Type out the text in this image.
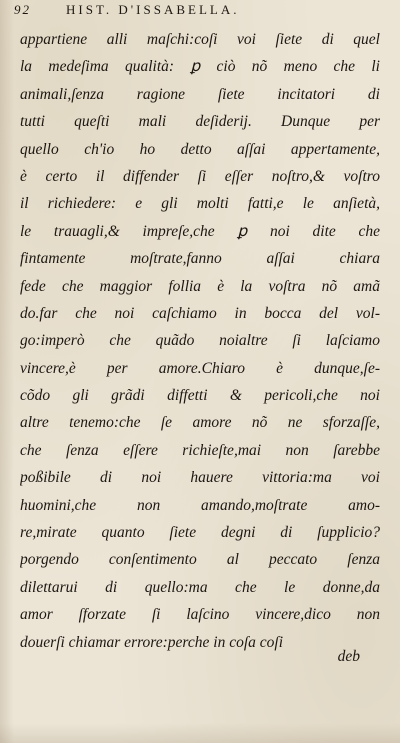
92	HIST. D'ISSABELLA.
appartiene alli maſchi:coſi voi ſiete di quel
la medeſima qualità: ꝑ ciò nõ meno che li
animali,ſenza ragione ſiete incitatori di
tutti queſti mali deſiderij. Dunque per
quello ch'io ho detto aſſai appertamente,
è certo il diffender ſi eſſer noſtro,& voſtro
il richiedere: e gli molti fatti,e le anſietà,
le trauagli,& impreſe,che ꝑ noi dite che
fintamente moſtrate,fanno aſſai chiara
fede che maggior follia è la voſtra nõ amã
do.far che noi caſchiamo in bocca del vol-
go:imperò che quãdo noialtre ſi laſciamo
vincere,è per amore.Chiaro è dunque,ſe-
cõdo gli grãdi diffetti & pericoli,che noi
altre tenemo:che ſe amore nõ ne sforzaſſe,
che ſenza eſſere richieſte,mai non ſarebbe
poßibile di noi hauere vittoria:ma voi
huomini,che non amando,moſtrate amo-
re,mirate quanto ſiete degni di ſupplicio?
porgendo conſentimento al peccato ſenza
dilettarui di quello:ma che le donne,da
amor ſforzate ſi laſcino vincere,dico non
douerſi chiamar errore:perche in coſa coſi
deb
